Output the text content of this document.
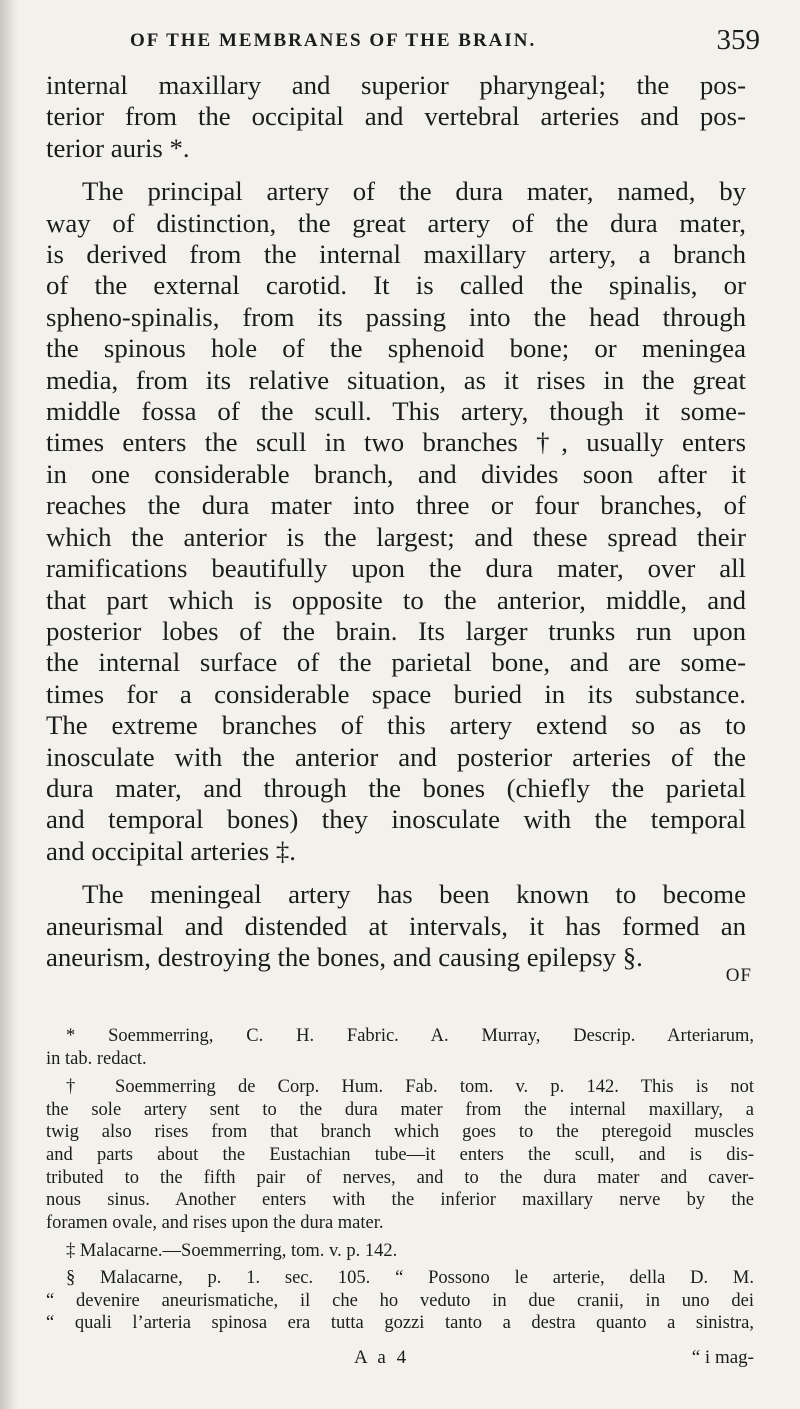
OF THE MEMBRANES OF THE BRAIN.	359

internal maxillary and superior pharyngeal; the pos-
terior from the occipital and vertebral arteries and pos-
terior auris *.

The principal artery of the dura mater, named, by
way of distinction, the great artery of the dura mater,
is derived from the internal maxillary artery, a branch
of the external carotid. It is called the spinalis, or
spheno-spinalis, from its passing into the head through
the spinous hole of the sphenoid bone; or meningea
media, from its relative situation, as it rises in the great
middle fossa of the scull. This artery, though it some-
times enters the scull in two branches †, usually enters
in one considerable branch, and divides soon after it
reaches the dura mater into three or four branches, of
which the anterior is the largest; and these spread their
ramifications beautifully upon the dura mater, over all
that part which is opposite to the anterior, middle, and
posterior lobes of the brain. Its larger trunks run upon
the internal surface of the parietal bone, and are some-
times for a considerable space buried in its substance.
The extreme branches of this artery extend so as to
inosculate with the anterior and posterior arteries of the
dura mater, and through the bones (chiefly the parietal
and temporal bones) they inosculate with the temporal
and occipital arteries ‡.

The meningeal artery has been known to become
aneurismal and distended at intervals, it has formed an
aneurism, destroying the bones, and causing epilepsy §.

OF

* Soemmerring, C. H. Fabric. A. Murray, Descrip. Arteriarum,
in tab. redact.

† Soemmerring de Corp. Hum. Fab. tom. v. p. 142. This is not
the sole artery sent to the dura mater from the internal maxillary, a
twig also rises from that branch which goes to the pteregoid muscles
and parts about the Eustachian tube—it enters the scull, and is dis-
tributed to the fifth pair of nerves, and to the dura mater and caver-
nous sinus. Another enters with the inferior maxillary nerve by the
foramen ovale, and rises upon the dura mater.

‡ Malacarne.—Soemmerring, tom. v. p. 142.

§ Malacarne, p. 1. sec. 105. “ Possono le arterie, della D. M.
“ devenire aneurismatiche, il che ho veduto in due cranii, in uno dei
“ quali l’arteria spinosa era tutta gozzi tanto a destra quanto a sinistra,

A a 4	“ i mag-
